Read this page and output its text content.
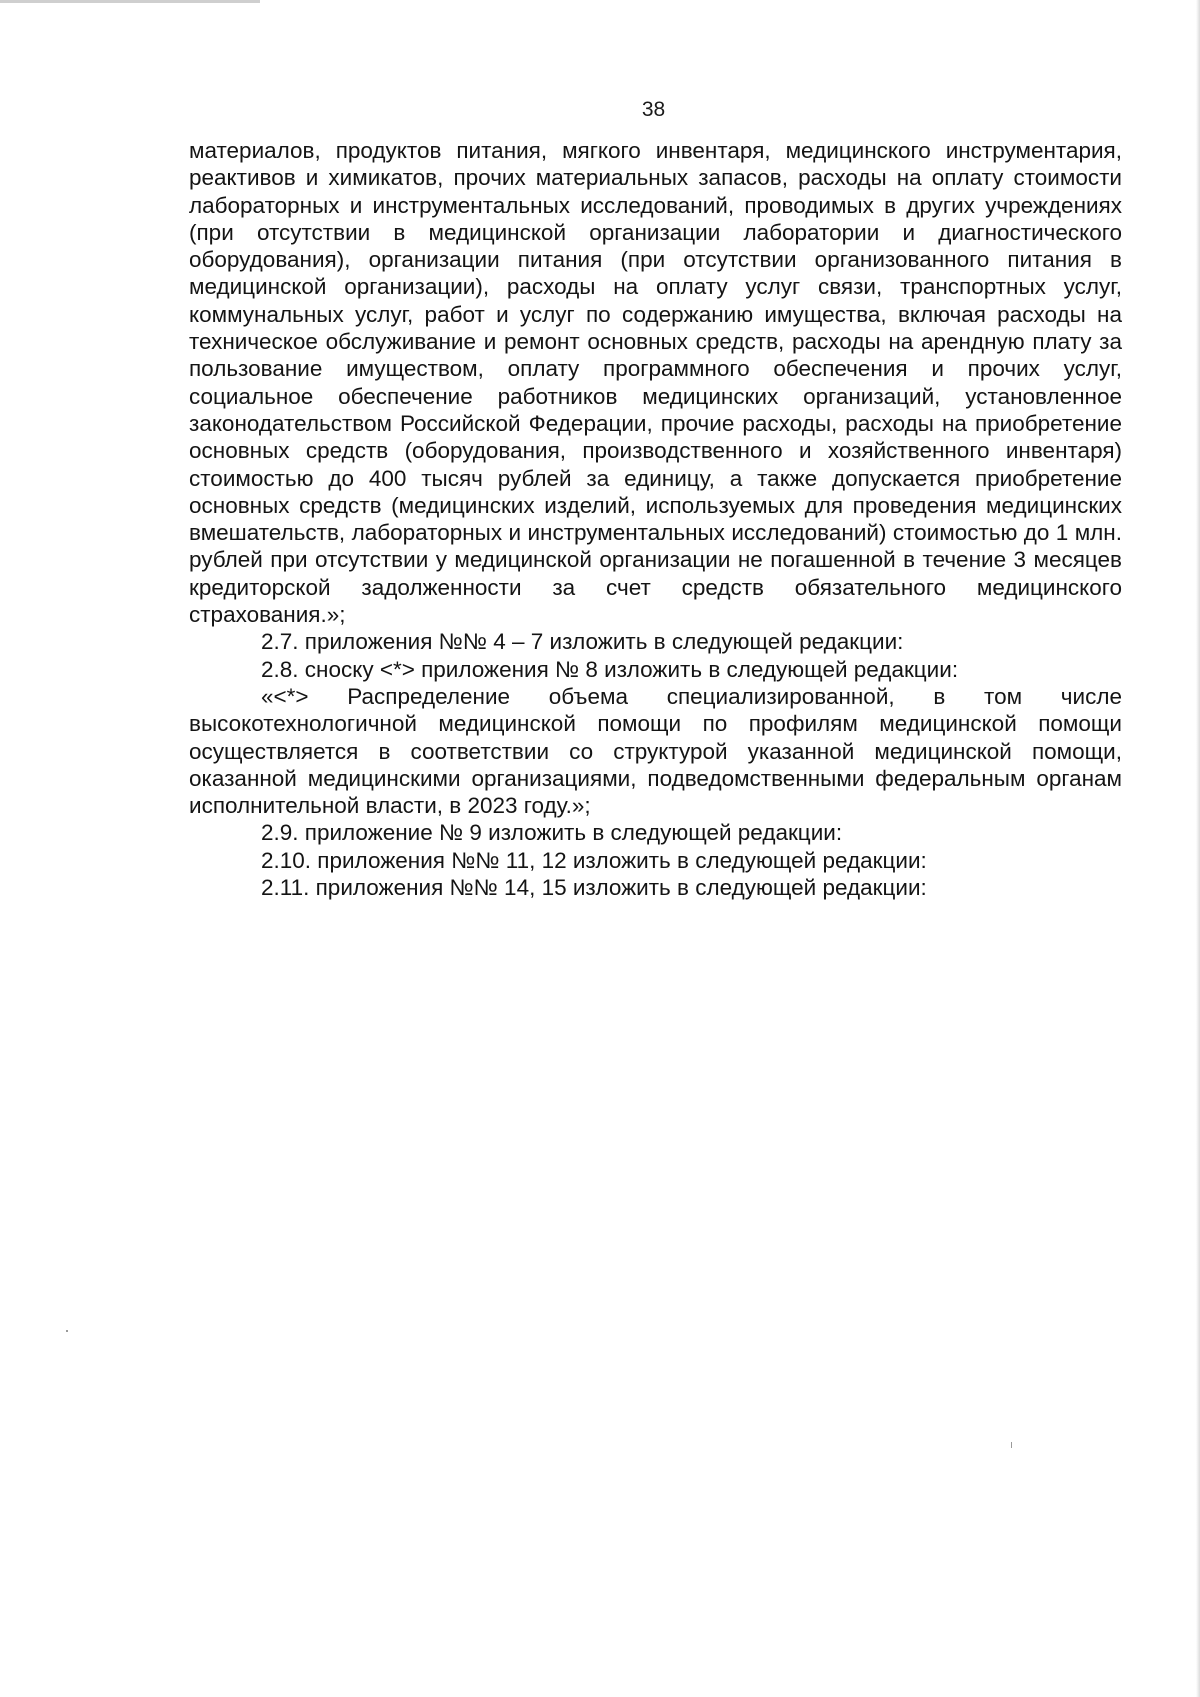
38

материалов, продуктов питания, мягкого инвентаря, медицинского инструментария, реактивов и химикатов, прочих материальных запасов, расходы на оплату стоимости лабораторных и инструментальных исследований, проводимых в других учреждениях (при отсутствии в медицинской организации лаборатории и диагностического оборудования), организации питания (при отсутствии организованного питания в медицинской организации), расходы на оплату услуг связи, транспортных услуг, коммунальных услуг, работ и услуг по содержанию имущества, включая расходы на техническое обслуживание и ремонт основных средств, расходы на арендную плату за пользование имуществом, оплату программного обеспечения и прочих услуг, социальное обеспечение работников медицинских организаций, установленное законодательством Российской Федерации, прочие расходы, расходы на приобретение основных средств (оборудования, производственного и хозяйственного инвентаря) стоимостью до 400 тысяч рублей за единицу, а также допускается приобретение основных средств (медицинских изделий, используемых для проведения медицинских вмешательств, лабораторных и инструментальных исследований) стоимостью до 1 млн. рублей при отсутствии у медицинской организации не погашенной в течение 3 месяцев кредиторской задолженности за счет средств обязательного медицинского страхования.»;

2.7. приложения №№ 4 – 7 изложить в следующей редакции:

2.8. сноску <*> приложения № 8 изложить в следующей редакции:

«<*> Распределение объема специализированной, в том числе высокотехнологичной медицинской помощи по профилям медицинской помощи осуществляется в соответствии со структурой указанной медицинской помощи, оказанной медицинскими организациями, подведомственными федеральным органам исполнительной власти, в 2023 году.»;

2.9. приложение № 9 изложить в следующей редакции:

2.10. приложения №№ 11, 12 изложить в следующей редакции:

2.11. приложения №№ 14, 15 изложить в следующей редакции:
